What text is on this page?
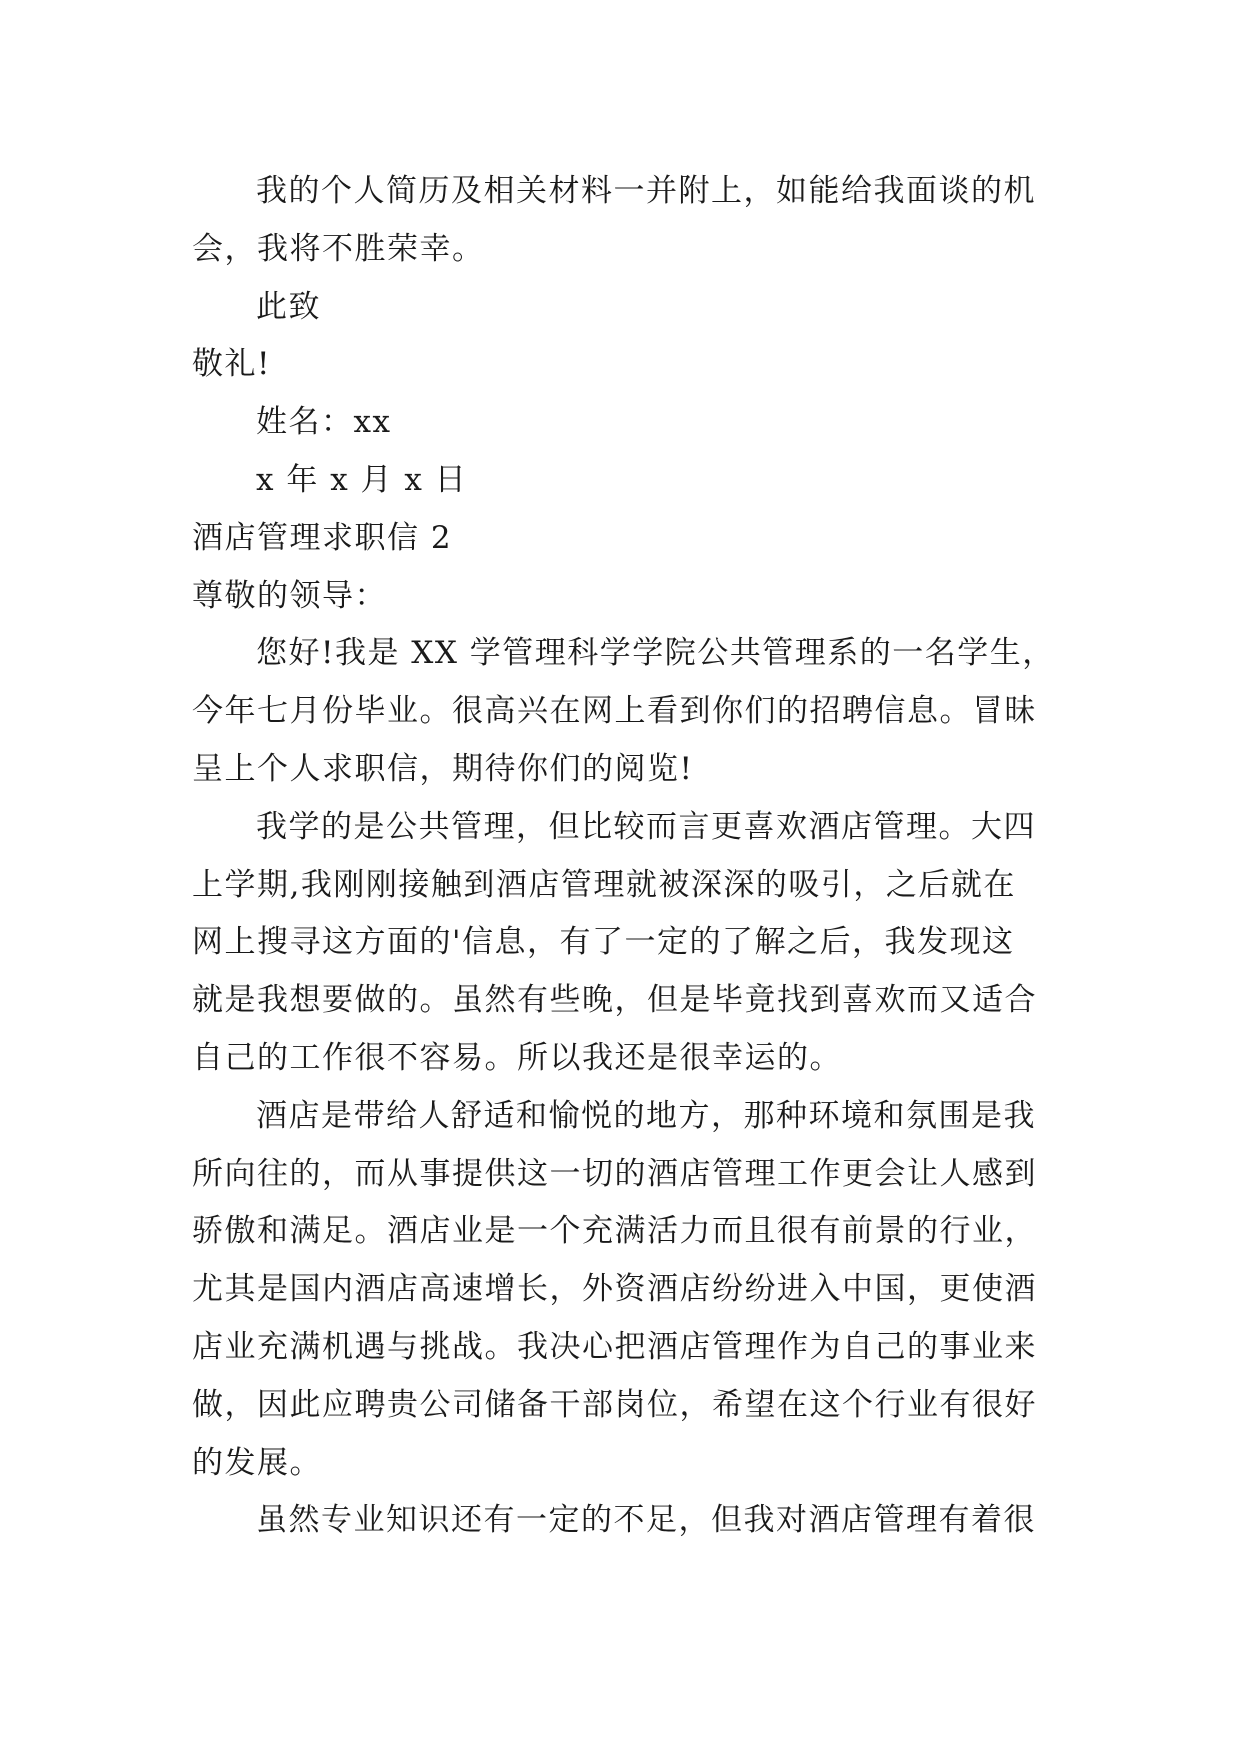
我的个人简历及相关材料一并附上，如能给我面谈的机

会，我将不胜荣幸。

此致

敬礼!

姓名：xx

x 年 x 月 x 日

酒店管理求职信 2

尊敬的领导：

您好!我是 XX 学管理科学学院公共管理系的一名学生，

今年七月份毕业。很高兴在网上看到你们的招聘信息。冒昧

呈上个人求职信，期待你们的阅览!

我学的是公共管理，但比较而言更喜欢酒店管理。大四

上学期,我刚刚接触到酒店管理就被深深的吸引，之后就在

网上搜寻这方面的'信息，有了一定的了解之后，我发现这

就是我想要做的。虽然有些晚，但是毕竟找到喜欢而又适合

自己的工作很不容易。所以我还是很幸运的。

酒店是带给人舒适和愉悦的地方，那种环境和氛围是我

所向往的，而从事提供这一切的酒店管理工作更会让人感到

骄傲和满足。酒店业是一个充满活力而且很有前景的行业，

尤其是国内酒店高速增长，外资酒店纷纷进入中国，更使酒

店业充满机遇与挑战。我决心把酒店管理作为自己的事业来

做，因此应聘贵公司储备干部岗位，希望在这个行业有很好

的发展。

虽然专业知识还有一定的不足，但我对酒店管理有着很
